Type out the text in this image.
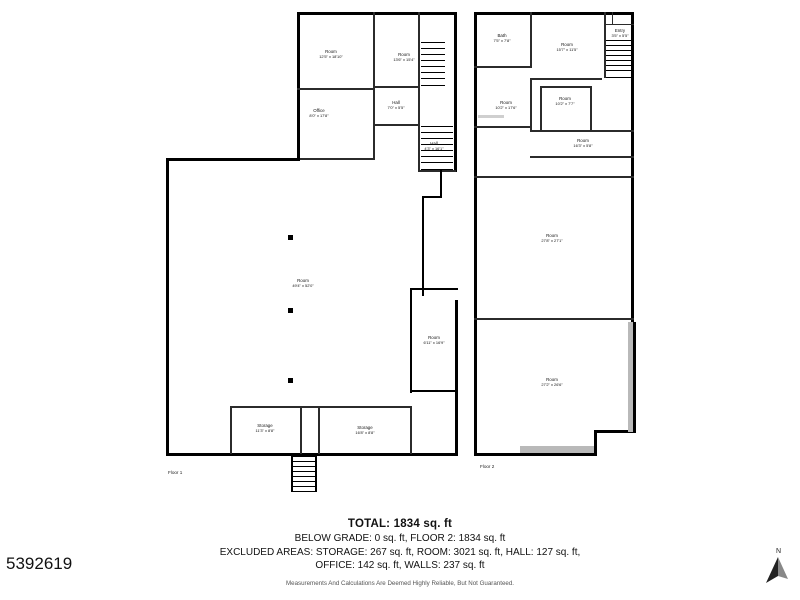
Floor 1
Floor 2
Room
12'5" x 18'10"	Room
13'6" x 15'4"
Office
8'0" x 17'8"
Hall
7'0" x 5'5"
Hall
4'3" x 16'1"
Room
49'4" x 52'0"
Room
6'11" x 16'9"
Storage
11'3" x 8'8"	Storage
16'8" x 8'8"
Bath
7'5" x 7'8"
Room
15'7" x 11'5"
Entry
3'5" x 5'5"
Room
10'2" x 17'6"
Room
10'2" x 7'7"
Room
16'3" x 5'8"
Room
27'8" x 27'1"
Room
27'2" x 26'6"
TOTAL: 1834 sq. ft
BELOW GRADE: 0 sq. ft, FLOOR 2: 1834 sq. ft
EXCLUDED AREAS: STORAGE: 267 sq. ft, ROOM: 3021 sq. ft, HALL: 127 sq. ft,
OFFICE: 142 sq. ft, WALLS: 237 sq. ft
Measurements And Calculations Are Deemed Highly Reliable, But Not Guaranteed.
5392619
N
